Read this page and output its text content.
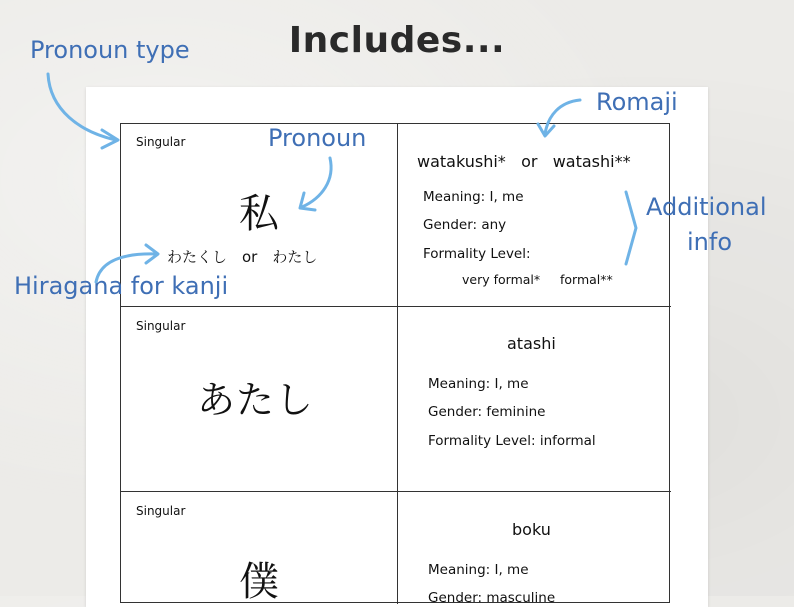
Includes...
Singular
私
わたくし　or　わたし
watakushi*   or   watashi**
Meaning: I, me
Gender: any
Formality Level:
very formal*     formal**
Singular
あたし
atashi
Meaning: I, me
Gender: feminine
Formality Level: informal
Singular
僕
boku
Meaning: I, me
Gender: masculine
Pronoun type
Pronoun
Romaji
Additional
info
Hiragana for kanji
